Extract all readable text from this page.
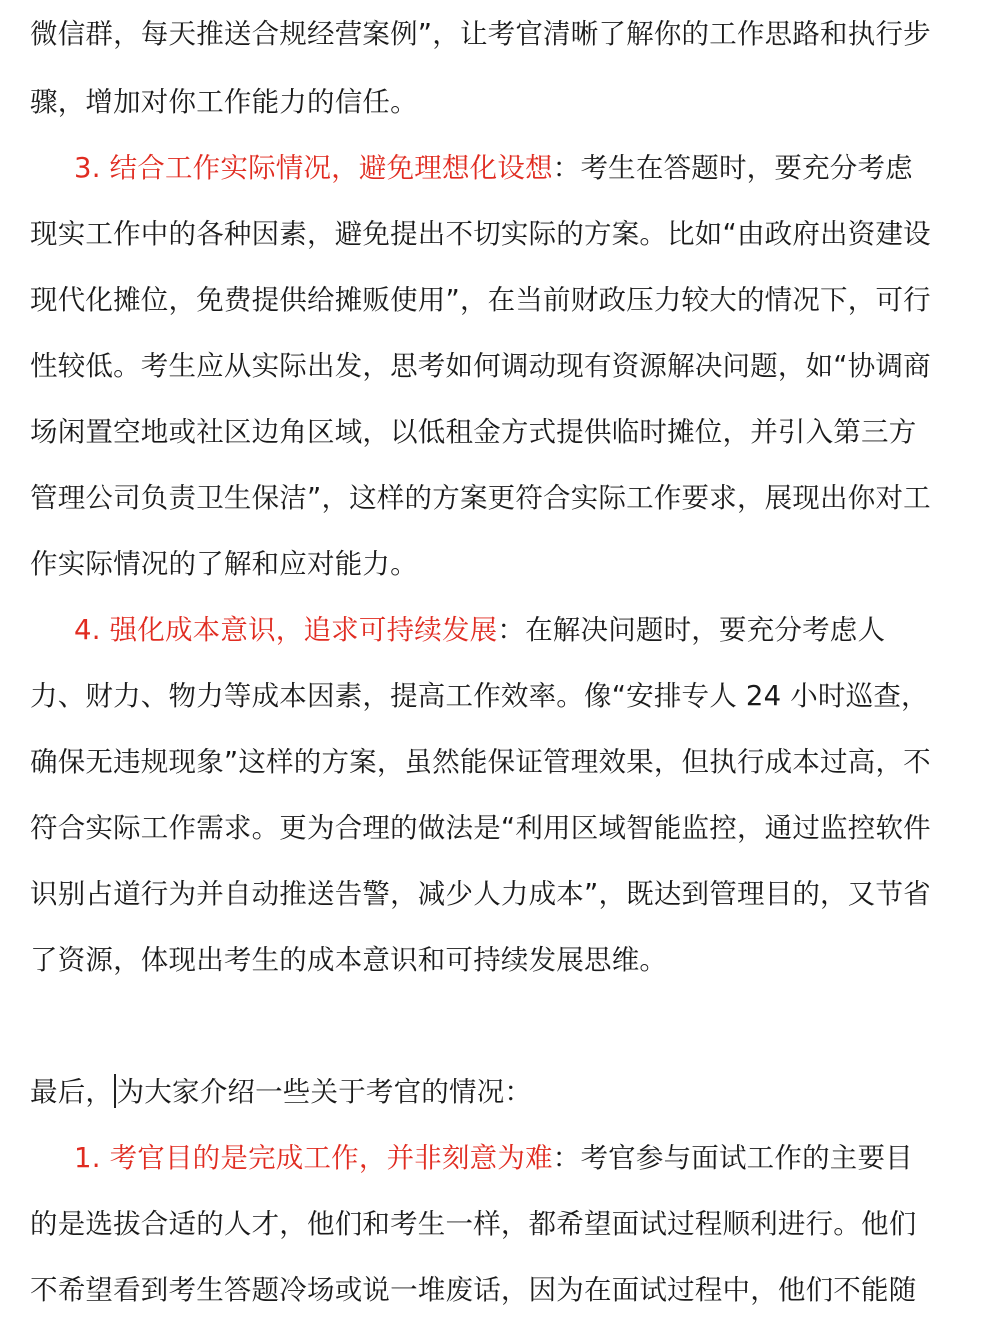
微信群，每天推送合规经营案例”，让考官清晰了解你的工作思路和执行步
骤，增加对你工作能力的信任。
3. 结合工作实际情况，避免理想化设想：考生在答题时，要充分考虑
现实工作中的各种因素，避免提出不切实际的方案。比如“由政府出资建设
现代化摊位，免费提供给摊贩使用”，在当前财政压力较大的情况下，可行
性较低。考生应从实际出发，思考如何调动现有资源解决问题，如“协调商
场闲置空地或社区边角区域，以低租金方式提供临时摊位，并引入第三方
管理公司负责卫生保洁”，这样的方案更符合实际工作要求，展现出你对工
作实际情况的了解和应对能力。
4. 强化成本意识，追求可持续发展：在解决问题时，要充分考虑人
力、财力、物力等成本因素，提高工作效率。像“安排专人 24 小时巡查，
确保无违规现象”这样的方案，虽然能保证管理效果，但执行成本过高，不
符合实际工作需求。更为合理的做法是“利用区域智能监控，通过监控软件
识别占道行为并自动推送告警，减少人力成本”，既达到管理目的，又节省
了资源，体现出考生的成本意识和可持续发展思维。
最后， 为大家介绍一些关于考官的情况：
1. 考官目的是完成工作，并非刻意为难：考官参与面试工作的主要目
的是选拔合适的人才，他们和考生一样，都希望面试过程顺利进行。他们
不希望看到考生答题冷场或说一堆废话，因为在面试过程中，他们不能随
